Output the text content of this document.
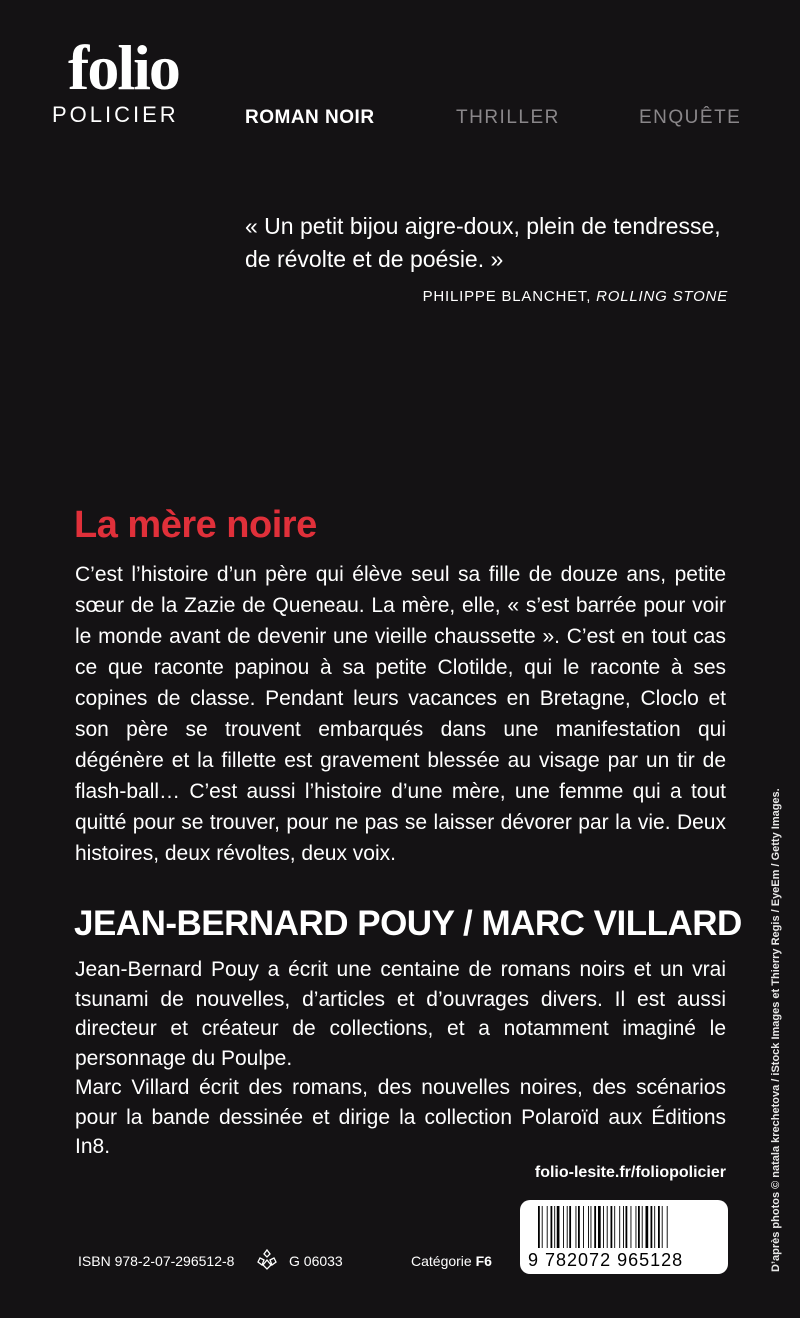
folio
POLICIER	ROMAN NOIR	THRILLER	ENQUÊTE
« Un petit bijou aigre-doux, plein de tendresse, de révolte et de poésie. »
PHILIPPE BLANCHET, ROLLING STONE
La mère noire
C’est l’histoire d’un père qui élève seul sa fille de douze ans, petite sœur de la Zazie de Queneau. La mère, elle, « s’est barrée pour voir le monde avant de devenir une vieille chaussette ». C’est en tout cas ce que raconte papinou à sa petite Clotilde, qui le raconte à ses copines de classe. Pendant leurs vacances en Bretagne, Cloclo et son père se trouvent embarqués dans une manifestation qui dégénère et la fillette est gravement blessée au visage par un tir de flash-ball… C’est aussi l’histoire d’une mère, une femme qui a tout quitté pour se trouver, pour ne pas se laisser dévorer par la vie. Deux histoires, deux révoltes, deux voix.
JEAN-BERNARD POUY / MARC VILLARD

Jean-Bernard Pouy a écrit une centaine de romans noirs et un vrai tsunami de nouvelles, d’articles et d’ouvrages divers. Il est aussi directeur et créateur de collections, et a notamment imaginé le personnage du Poulpe.

Marc Villard écrit des romans, des nouvelles noires, des scénarios pour la bande dessinée et dirige la collection Polaroïd aux Éditions In8.

folio-lesite.fr/foliopolicier
9 782072 965128
ISBN 978-2-07-296512-8	G 06033	Catégorie F6	D’après photos © natala krechetova / iStock Images et Thierry Regis / EyeEm / Getty Images.
